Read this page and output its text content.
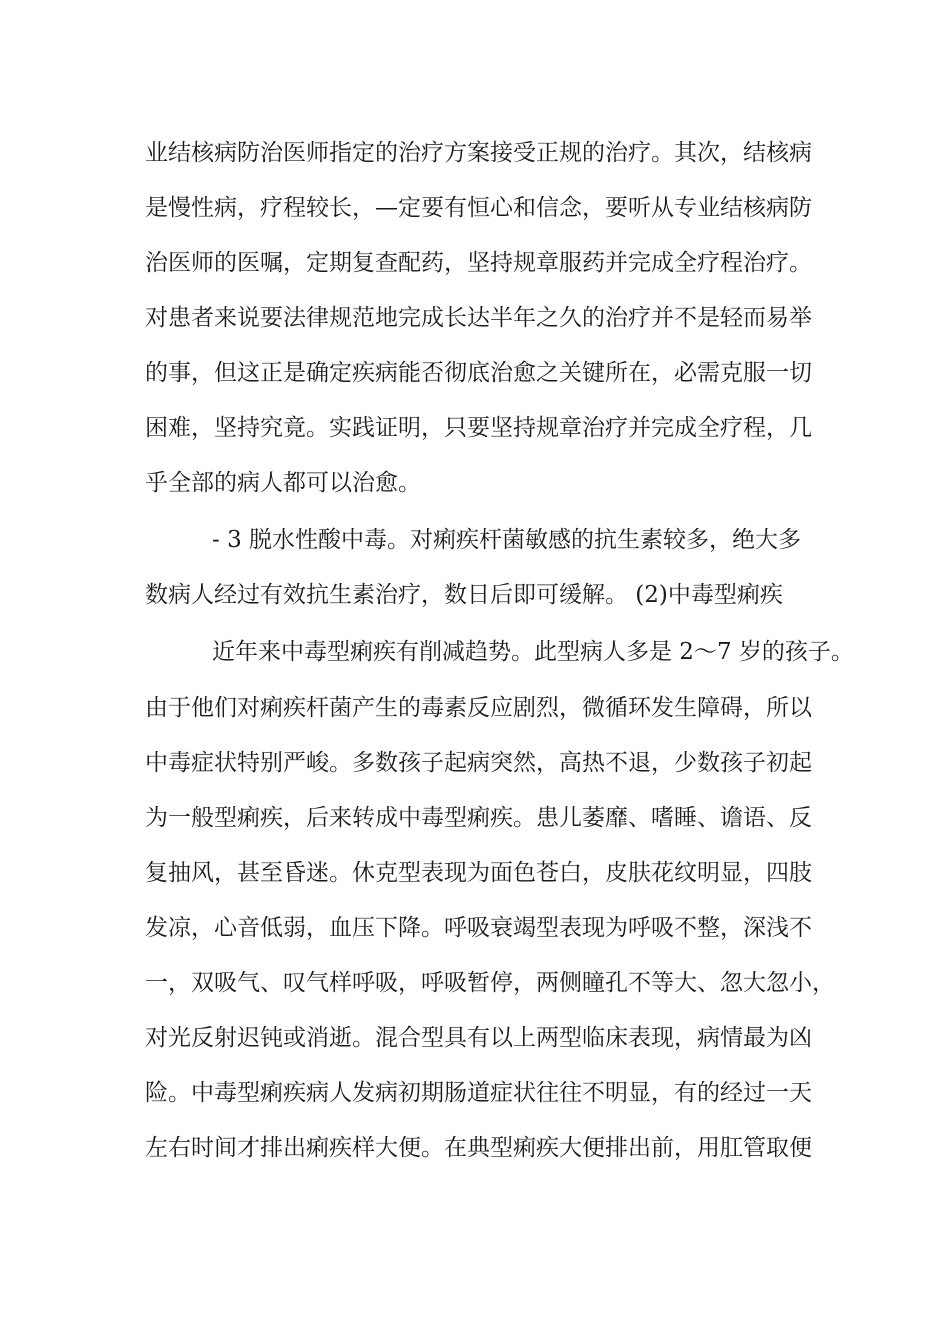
业结核病防治医师指定的治疗方案接受正规的治疗。其次，结核病
是慢性病，疗程较长，—定要有恒心和信念，要听从专业结核病防
治医师的医嘱，定期复查配药，坚持规章服药并完成全疗程治疗。
对患者来说要法律规范地完成长达半年之久的治疗并不是轻而易举
的事，但这正是确定疾病能否彻底治愈之关键所在，必需克服一切
困难，坚持究竟。实践证明，只要坚持规章治疗并完成全疗程，几
乎全部的病人都可以治愈。
- 3 脱水性酸中毒。对痢疾杆菌敏感的抗生素较多，绝大多
数病人经过有效抗生素治疗，数日后即可缓解。 (2)中毒型痢疾
近年来中毒型痢疾有削减趋势。此型病人多是 2～7 岁的孩子。
由于他们对痢疾杆菌产生的毒素反应剧烈，微循环发生障碍，所以
中毒症状特别严峻。多数孩子起病突然，高热不退，少数孩子初起
为一般型痢疾，后来转成中毒型痢疾。患儿萎靡、嗜睡、谵语、反
复抽风，甚至昏迷。休克型表现为面色苍白，皮肤花纹明显，四肢
发凉，心音低弱，血压下降。呼吸衰竭型表现为呼吸不整，深浅不
一，双吸气、叹气样呼吸，呼吸暂停，两侧瞳孔不等大、忽大忽小，
对光反射迟钝或消逝。混合型具有以上两型临床表现，病情最为凶
险。中毒型痢疾病人发病初期肠道症状往往不明显，有的经过一天
左右时间才排出痢疾样大便。在典型痢疾大便排出前，用肛管取便
